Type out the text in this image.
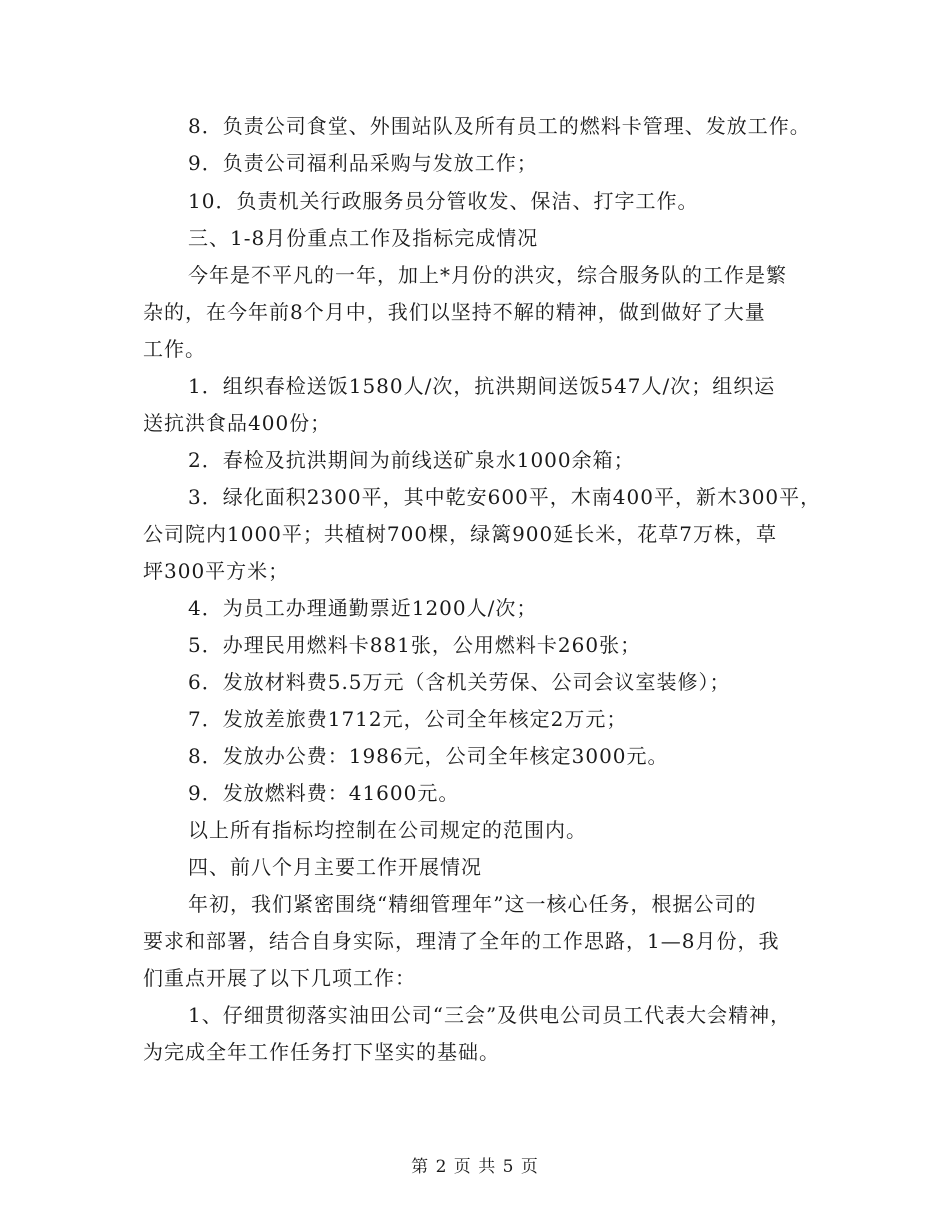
8．负责公司食堂、外围站队及所有员工的燃料卡管理、发放工作。
9．负责公司福利品采购与发放工作；
10．负责机关行政服务员分管收发、保洁、打字工作。
三、1-8月份重点工作及指标完成情况
今年是不平凡的一年，加上*月份的洪灾，综合服务队的工作是繁
杂的，在今年前8个月中，我们以坚持不解的精神，做到做好了大量
工作。
1．组织春检送饭1580人/次，抗洪期间送饭547人/次；组织运
送抗洪食品400份；
2．春检及抗洪期间为前线送矿泉水1000余箱；
3．绿化面积2300平，其中乾安600平，木南400平，新木300平，
公司院内1000平；共植树700棵，绿篱900延长米，花草7万株，草
坪300平方米；
4．为员工办理通勤票近1200人/次；
5．办理民用燃料卡881张，公用燃料卡260张；
6．发放材料费5.5万元（含机关劳保、公司会议室装修）；
7．发放差旅费1712元，公司全年核定2万元；
8．发放办公费：1986元，公司全年核定3000元。
9．发放燃料费：41600元。
以上所有指标均控制在公司规定的范围内。
四、前八个月主要工作开展情况
年初，我们紧密围绕“精细管理年”这一核心任务，根据公司的
要求和部署，结合自身实际，理清了全年的工作思路，1—8月份，我
们重点开展了以下几项工作：
1、仔细贯彻落实油田公司“三会”及供电公司员工代表大会精神，
为完成全年工作任务打下坚实的基础。
第 2 页 共 5 页
